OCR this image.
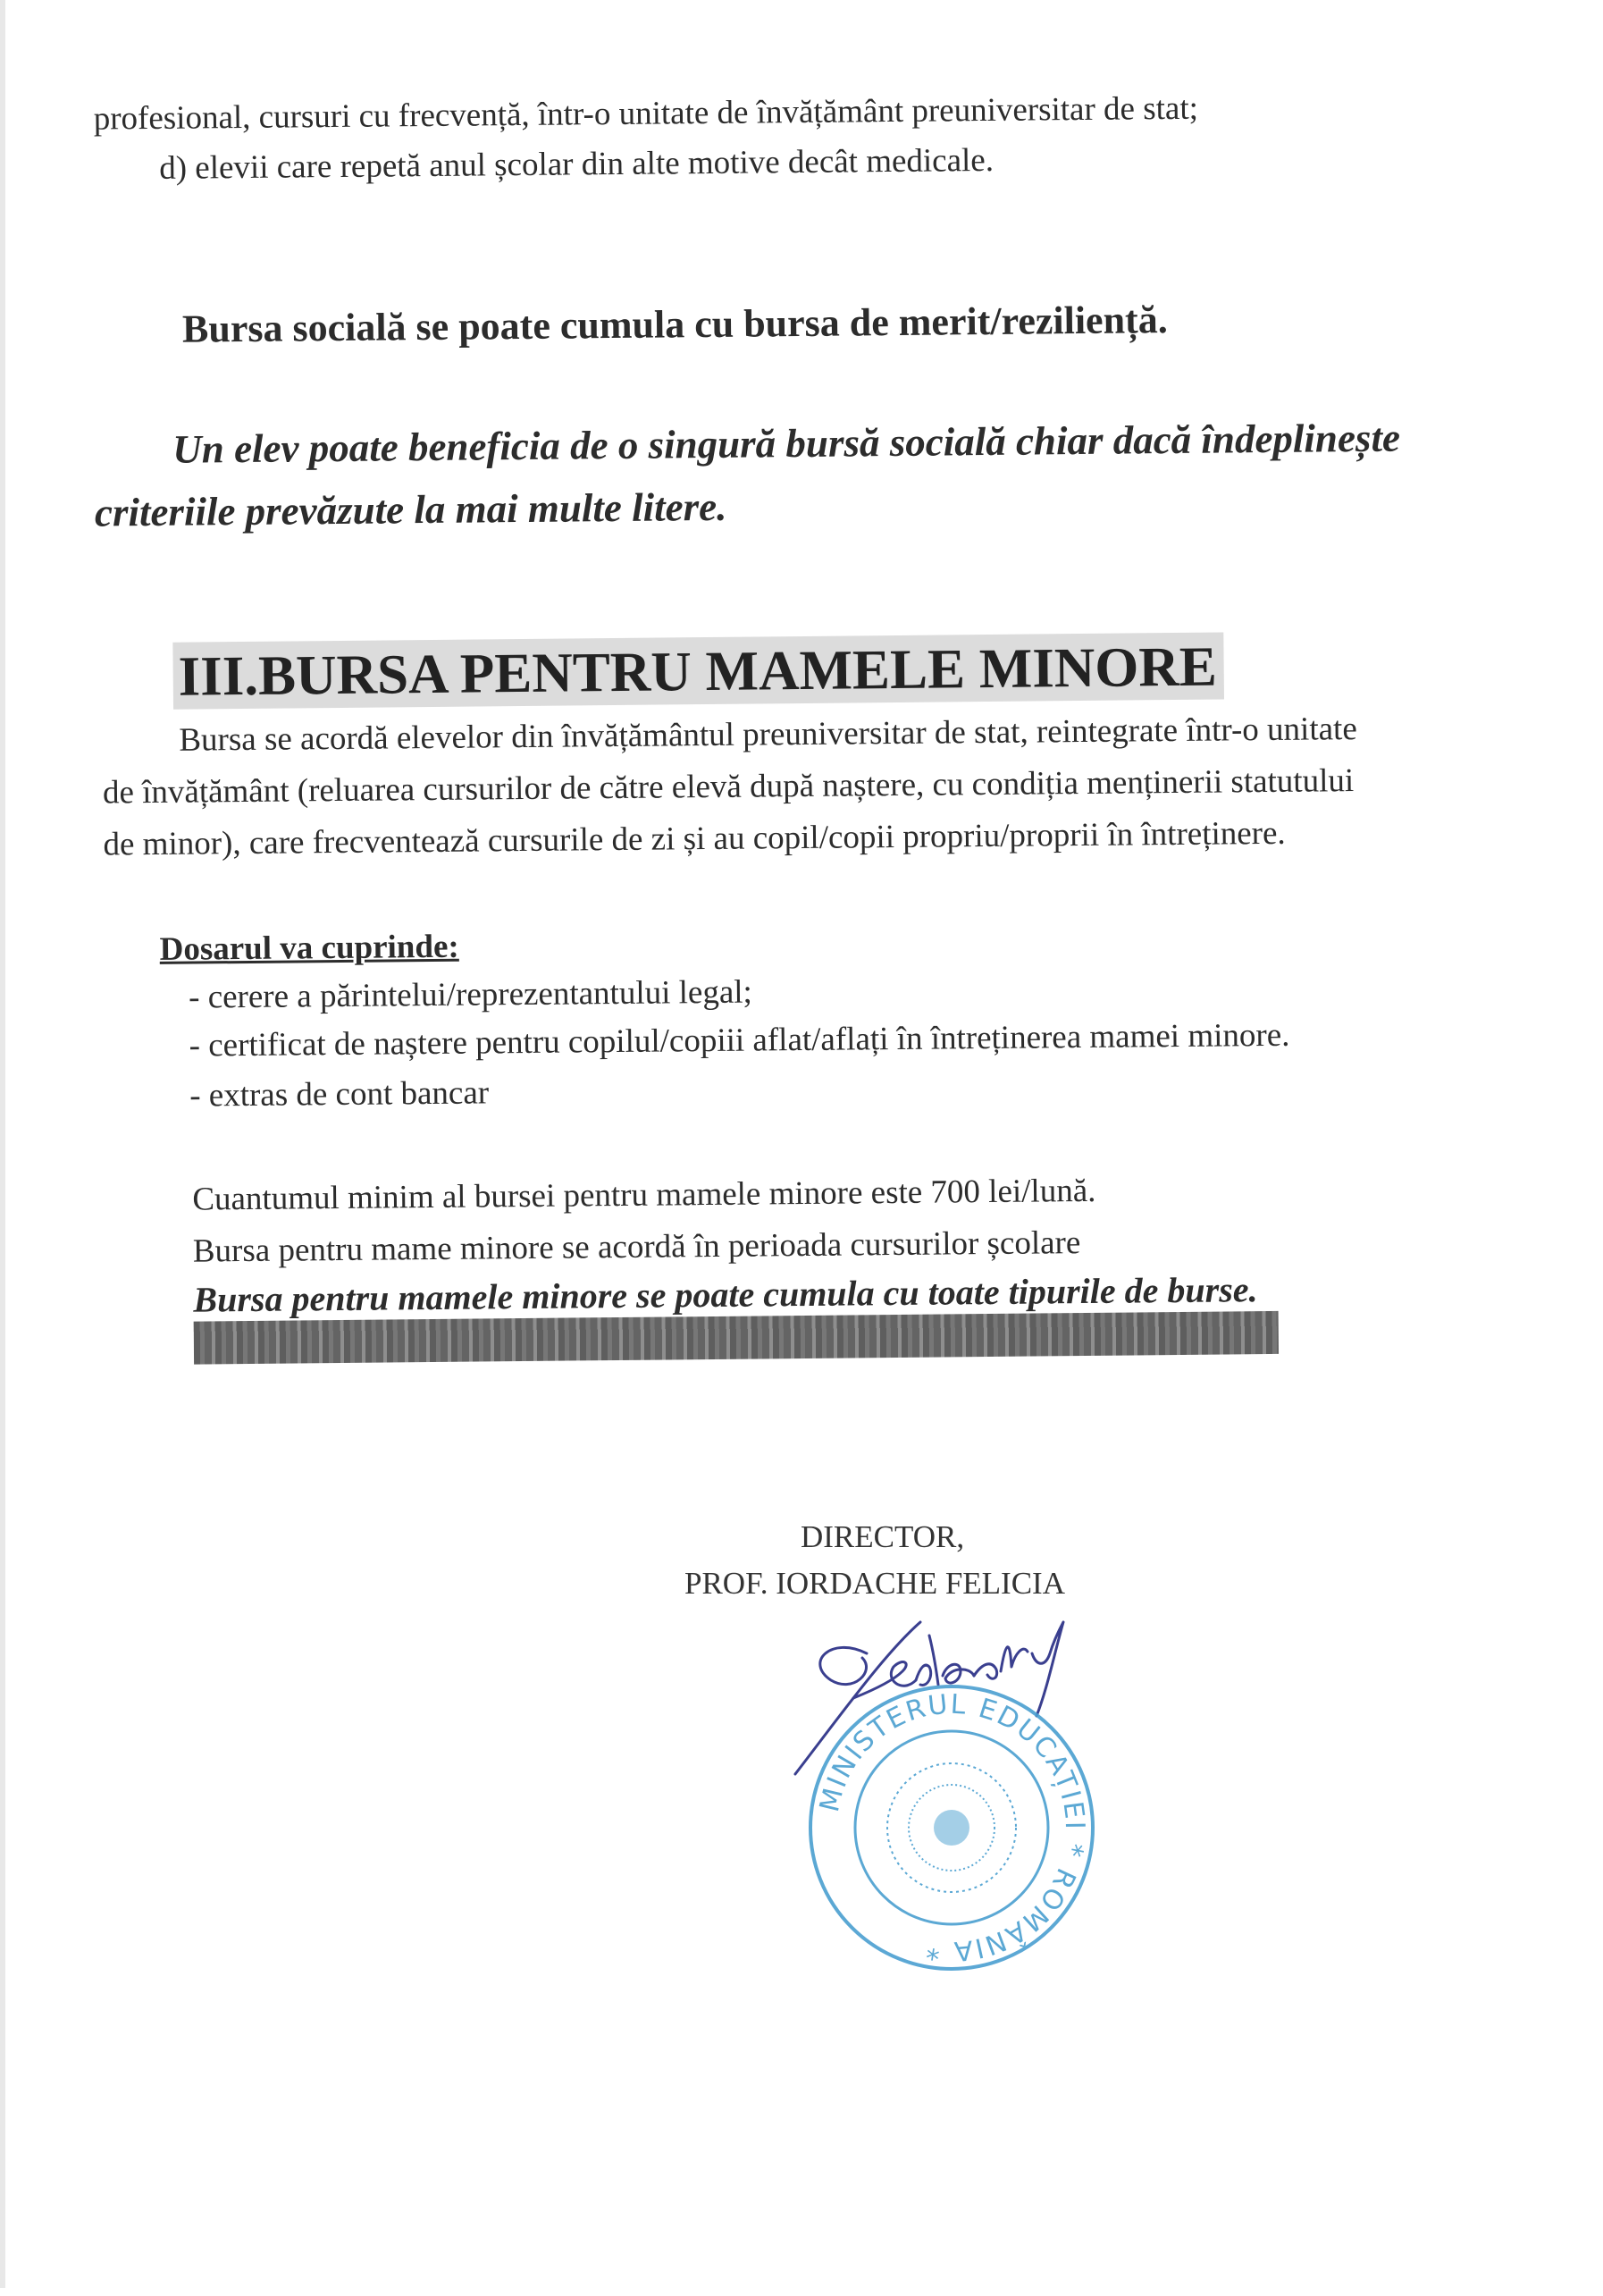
profesional, cursuri cu frecvență, într-o unitate de învățământ preuniversitar de stat;
d) elevii care repetă anul școlar din alte motive decât medicale.
Bursa socială se poate cumula cu bursa de merit/reziliență.
Un elev poate beneficia de o singură bursă socială chiar dacă îndeplinește
criteriile prevăzute la mai multe litere.
III.BURSA PENTRU MAMELE MINORE
Bursa se acordă elevelor din învățământul preuniversitar de stat, reintegrate într-o unitate
de învățământ (reluarea cursurilor de către elevă după naștere, cu condiția menținerii statutului
de minor), care frecventează cursurile de zi și au copil/copii propriu/proprii în întreținere.
Dosarul va cuprinde:
- cerere a părintelui/reprezentantului legal;
- certificat de naștere pentru copilul/copiii aflat/aflați în întreținerea mamei minore.
- extras de cont bancar
Cuantumul minim al bursei pentru mamele minore este 700 lei/lună.
Bursa pentru mame minore se acordă în perioada cursurilor școlare
Bursa pentru mamele minore se poate cumula cu toate tipurile de burse.
DIRECTOR,
PROF. IORDACHE FELICIA
MINISTERUL EDUCAȚIEI * ROMÂNIA *
